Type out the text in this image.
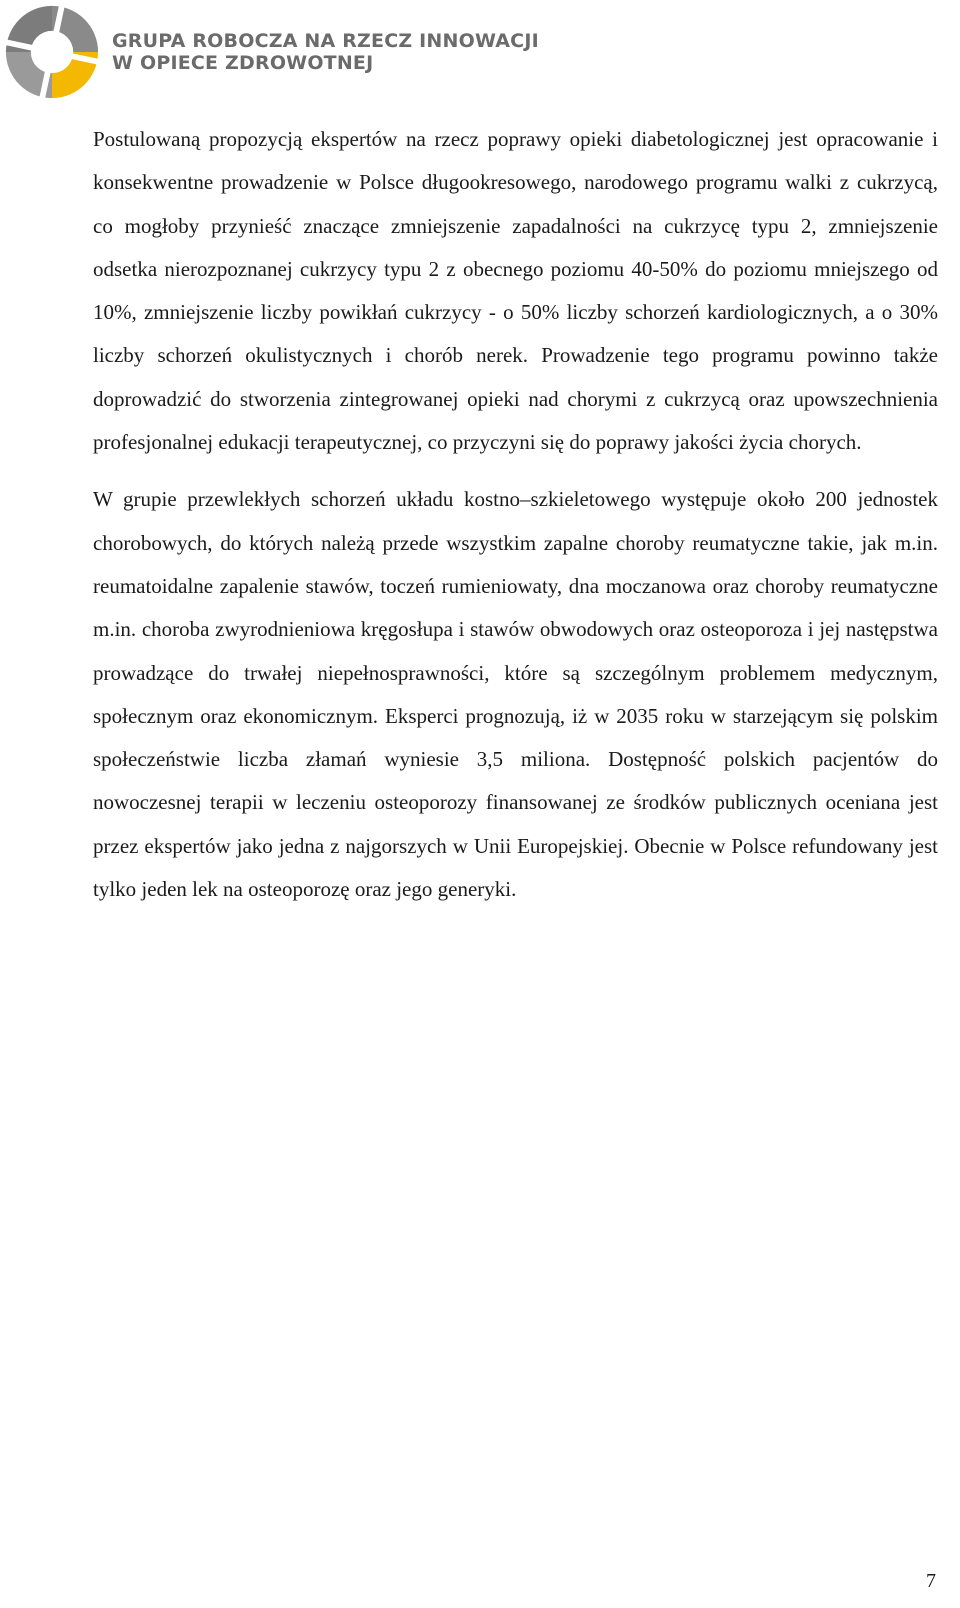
GRUPA ROBOCZA NA RZECZ INNOWACJI
W OPIECE ZDROWOTNEJ

Postulowaną propozycją ekspertów na rzecz poprawy opieki diabetologicznej jest opracowanie i konsekwentne prowadzenie w Polsce długookresowego, narodowego programu walki z cukrzycą, co mogłoby przynieść znaczące zmniejszenie zapadalności na cukrzycę typu 2, zmniejszenie odsetka nierozpoznanej cukrzycy typu 2 z obecnego poziomu 40-50% do poziomu mniejszego od 10%, zmniejszenie liczby powikłań cukrzycy - o 50% liczby schorzeń kardiologicznych, a o 30% liczby schorzeń okulistycznych i chorób nerek. Prowadzenie tego programu powinno także doprowadzić do stworzenia zintegrowanej opieki nad chorymi z cukrzycą oraz upowszechnienia profesjonalnej edukacji terapeutycznej, co przyczyni się do poprawy jakości życia chorych.

W grupie przewlekłych schorzeń układu kostno–szkieletowego występuje około 200 jednostek chorobowych, do których należą przede wszystkim zapalne choroby reumatyczne takie, jak m.in. reumatoidalne zapalenie stawów, toczeń rumieniowaty, dna moczanowa oraz choroby reumatyczne m.in. choroba zwyrodnieniowa kręgosłupa i stawów obwodowych oraz osteoporoza i jej następstwa prowadzące do trwałej niepełnosprawności, które są szczególnym problemem medycznym, społecznym oraz ekonomicznym. Eksperci prognozują, iż w 2035 roku w starzejącym się polskim społeczeństwie liczba złamań wyniesie 3,5 miliona. Dostępność polskich pacjentów do nowoczesnej terapii w leczeniu osteoporozy finansowanej ze środków publicznych oceniana jest przez ekspertów jako jedna z najgorszych w Unii Europejskiej. Obecnie w Polsce refundowany jest tylko jeden lek na osteoporozę oraz jego generyki.

7
